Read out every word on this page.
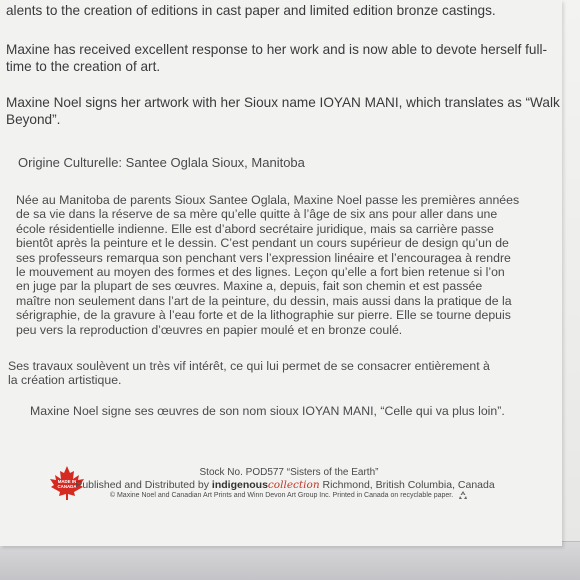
alents to the creation of editions in cast paper and limited edition bronze castings.

Maxine has received excellent response to her work and is now able to devote herself full-

time to the creation of art.

Maxine Noel signs her artwork with her Sioux name IOYAN MANI, which translates as “Walk

Beyond”.

Origine Culturelle: Santee Oglala Sioux, Manitoba

Née au Manitoba de parents Sioux Santee Oglala, Maxine Noel passe les premières années

de sa vie dans la réserve de sa mère qu’elle quitte à l’âge de six ans pour aller dans une

école résidentielle indienne. Elle est d’abord secrétaire juridique, mais sa carrière passe

bientôt après la peinture et le dessin. C’est pendant un cours supérieur de design qu’un de

ses professeurs remarqua son penchant vers l’expression linéaire et l’encouragea à rendre

le mouvement au moyen des formes et des lignes. Leçon qu’elle a fort bien retenue si l’on

en juge par la plupart de ses œuvres. Maxine a, depuis, fait son chemin et est passée

maître non seulement dans l’art de la peinture, du dessin, mais aussi dans la pratique de la

sérigraphie, de la gravure à l’eau forte et de la lithographie sur pierre. Elle se tourne depuis

peu vers la reproduction d’œuvres en papier moulé et en bronze coulé.

Ses travaux soulèvent un très vif intérêt, ce qui lui permet de se consacrer entièrement à

la création artistique.

Maxine Noel signe ses œuvres de son nom sioux IOYAN MANI, “Celle qui va plus loin”.

MADE IN
CANADA
Stock No. POD577 “Sisters of the Earth”
Published and Distributed by indigenouscollection Richmond, British Columbia, Canada
© Maxine Noel and Canadian Art Prints and Winn Devon Art Group Inc. Printed in Canada on recyclable paper.
